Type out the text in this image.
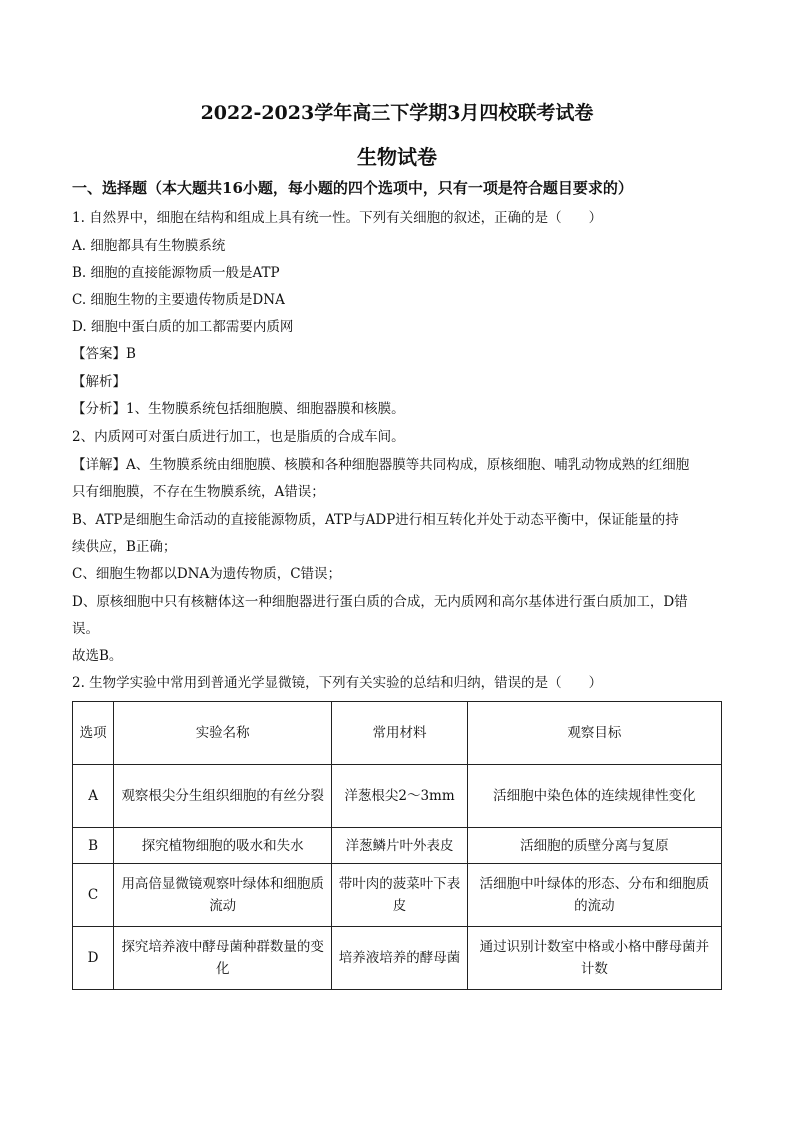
2022-2023学年高三下学期3月四校联考试卷
生物试卷
一、选择题（本大题共16小题，每小题的四个选项中，只有一项是符合题目要求的）
1. 自然界中，细胞在结构和组成上具有统一性。下列有关细胞的叙述，正确的是（　　）
A. 细胞都具有生物膜系统
B. 细胞的直接能源物质一般是ATP
C. 细胞生物的主要遗传物质是DNA
D. 细胞中蛋白质的加工都需要内质网
【答案】B
【解析】
【分析】1、生物膜系统包括细胞膜、细胞器膜和核膜。
2、内质网可对蛋白质进行加工，也是脂质的合成车间。
【详解】A、生物膜系统由细胞膜、核膜和各种细胞器膜等共同构成，原核细胞、哺乳动物成熟的红细胞
只有细胞膜，不存在生物膜系统，A错误；
B、ATP是细胞生命活动的直接能源物质，ATP与ADP进行相互转化并处于动态平衡中，保证能量的持
续供应，B正确；
C、细胞生物都以DNA为遗传物质，C错误；
D、原核细胞中只有核糖体这一种细胞器进行蛋白质的合成，无内质网和高尔基体进行蛋白质加工，D错
误。
故选B。
2. 生物学实验中常用到普通光学显微镜，下列有关实验的总结和归纳，错误的是（　　）
选项	实验名称	常用材料	观察目标
A	观察根尖分生组织细胞的有丝分裂	洋葱根尖2～3mm	活细胞中染色体的连续规律性变化
B	探究植物细胞的吸水和失水	洋葱鳞片叶外表皮	活细胞的质壁分离与复原
C	用高倍显微镜观察叶绿体和细胞质流动	带叶肉的菠菜叶下表皮	活细胞中叶绿体的形态、分布和细胞质的流动
D	探究培养液中酵母菌种群数量的变化	培养液培养的酵母菌	通过识别计数室中格或小格中酵母菌并计数
